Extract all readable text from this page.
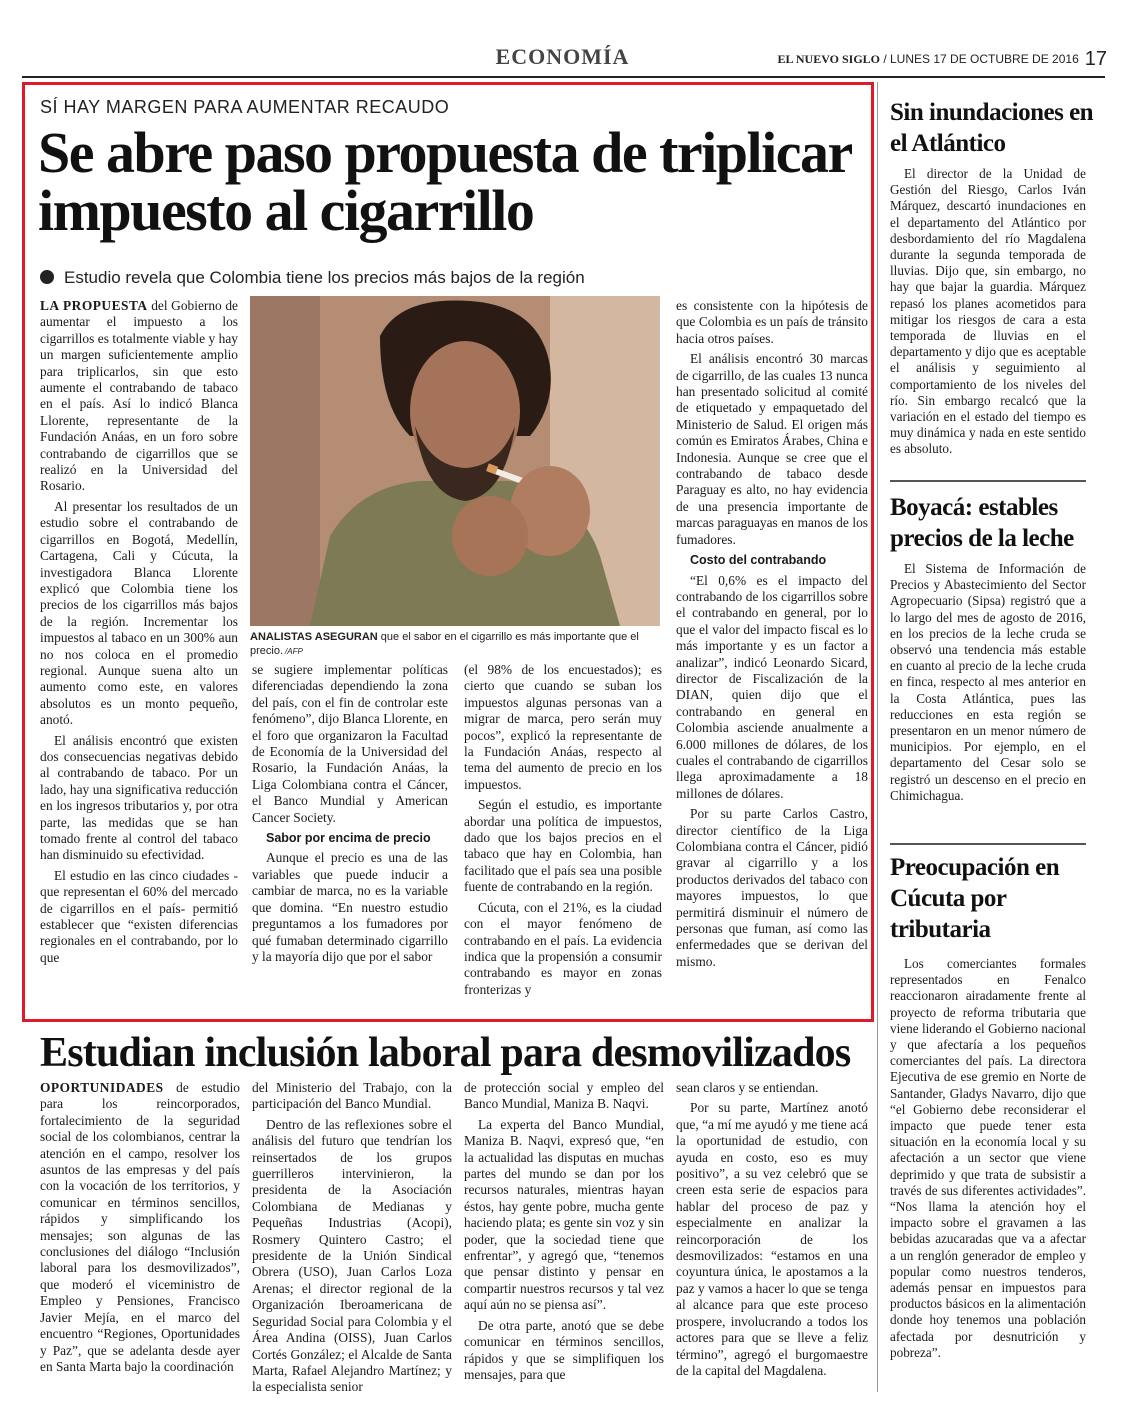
ECONOMÍA	EL NUEVO SIGLO / LUNES 17 DE OCTUBRE DE 2016 17
SÍ HAY MARGEN PARA AUMENTAR RECAUDO
Se abre paso propuesta de triplicar impuesto al cigarrillo
Estudio revela que Colombia tiene los precios más bajos de la región

LA PROPUESTA del Gobierno de aumentar el impuesto a los cigarrillos es totalmente viable y hay un margen suficientemente amplio para triplicarlos, sin que esto aumente el contrabando de tabaco en el país. Así lo indicó Blanca Llorente, representante de la Fundación Anáas, en un foro sobre contrabando de cigarrillos que se realizó en la Universidad del Rosario.

Al presentar los resultados de un estudio sobre el contrabando de cigarrillos en Bogotá, Medellín, Cartagena, Cali y Cúcuta, la investigadora Blanca Llorente explicó que Colombia tiene los precios de los cigarrillos más bajos de la región. Incrementar los impuestos al tabaco en un 300% aun no nos coloca en el promedio regional. Aunque suena alto un aumento como este, en valores absolutos es un monto pequeño, anotó.

El análisis encontró que existen dos consecuencias negativas debido al contrabando de tabaco. Por un lado, hay una significativa reducción en los ingresos tributarios y, por otra parte, las medidas que se han tomado frente al control del tabaco han disminuido su efectividad.

El estudio en las cinco ciudades -que representan el 60% del mercado de cigarrillos en el país- permitió establecer que “existen diferencias regionales en el contrabando, por lo que

ANALISTAS ASEGURAN que el sabor en el cigarrillo es más importante que el precio. /AFP

se sugiere implementar políticas diferenciadas dependiendo la zona del país, con el fin de controlar este fenómeno”, dijo Blanca Llorente, en el foro que organizaron la Facultad de Economía de la Universidad del Rosario, la Fundación Anáas, la Liga Colombiana contra el Cáncer, el Banco Mundial y American Cancer Society.

Sabor por encima de precio

Aunque el precio es una de las variables que puede inducir a cambiar de marca, no es la variable que domina. “En nuestro estudio preguntamos a los fumadores por qué fumaban determinado cigarrillo y la mayoría dijo que por el sabor

(el 98% de los encuestados); es cierto que cuando se suban los impuestos algunas personas van a migrar de marca, pero serán muy pocos”, explicó la representante de la Fundación Anáas, respecto al tema del aumento de precio en los impuestos.

Según el estudio, es importante abordar una política de impuestos, dado que los bajos precios en el tabaco que hay en Colombia, han facilitado que el país sea una posible fuente de contrabando en la región.

Cúcuta, con el 21%, es la ciudad con el mayor fenómeno de contrabando en el país. La evidencia indica que la propensión a consumir contrabando es mayor en zonas fronterizas y

es consistente con la hipótesis de que Colombia es un país de tránsito hacia otros países.

El análisis encontró 30 marcas de cigarrillo, de las cuales 13 nunca han presentado solicitud al comité de etiquetado y empaquetado del Ministerio de Salud. El origen más común es Emiratos Árabes, China e Indonesia. Aunque se cree que el contrabando de tabaco desde Paraguay es alto, no hay evidencia de una presencia importante de marcas paraguayas en manos de los fumadores.

Costo del contrabando

“El 0,6% es el impacto del contrabando de los cigarrillos sobre el contrabando en general, por lo que el valor del impacto fiscal es lo más importante y es un factor a analizar”, indicó Leonardo Sicard, director de Fiscalización de la DIAN, quien dijo que el contrabando en general en Colombia asciende anualmente a 6.000 millones de dólares, de los cuales el contrabando de cigarrillos llega aproximadamente a 18 millones de dólares.

Por su parte Carlos Castro, director científico de la Liga Colombiana contra el Cáncer, pidió gravar al cigarrillo y a los productos derivados del tabaco con mayores impuestos, lo que permitirá disminuir el número de personas que fuman, así como las enfermedades que se derivan del mismo.

Sin inundaciones en el Atlántico

El director de la Unidad de Gestión del Riesgo, Carlos Iván Márquez, descartó inundaciones en el departamento del Atlántico por desbordamiento del río Magdalena durante la segunda temporada de lluvias. Dijo que, sin embargo, no hay que bajar la guardia. Márquez repasó los planes acometidos para mitigar los riesgos de cara a esta temporada de lluvias en el departamento y dijo que es aceptable el análisis y seguimiento al comportamiento de los niveles del río. Sin embargo recalcó que la variación en el estado del tiempo es muy dinámica y nada en este sentido es absoluto.

Boyacá: estables precios de la leche

El Sistema de Información de Precios y Abastecimiento del Sector Agropecuario (Sipsa) registró que a lo largo del mes de agosto de 2016, en los precios de la leche cruda se observó una tendencia más estable en cuanto al precio de la leche cruda en finca, respecto al mes anterior en la Costa Atlántica, pues las reducciones en esta región se presentaron en un menor número de municipios. Por ejemplo, en el departamento del Cesar solo se registró un descenso en el precio en Chimichagua.

Preocupación en Cúcuta por tributaria

Los comerciantes formales representados en Fenalco reaccionaron airadamente frente al proyecto de reforma tributaria que viene liderando el Gobierno nacional y que afectaría a los pequeños comerciantes del país. La directora Ejecutiva de ese gremio en Norte de Santander, Gladys Navarro, dijo que “el Gobierno debe reconsiderar el impacto que puede tener esta situación en la economía local y su afectación a un sector que viene deprimido y que trata de subsistir a través de sus diferentes actividades”. “Nos llama la atención hoy el impacto sobre el gravamen a las bebidas azucaradas que va a afectar a un renglón generador de empleo y popular como nuestros tenderos, además pensar en impuestos para productos básicos en la alimentación donde hoy tenemos una población afectada por desnutrición y pobreza”.

Estudian inclusión laboral para desmovilizados

OPORTUNIDADES de estudio para los reincorporados, fortalecimiento de la seguridad social de los colombianos, centrar la atención en el campo, resolver los asuntos de las empresas y del país con la vocación de los territorios, y comunicar en términos sencillos, rápidos y simplificando los mensajes; son algunas de las conclusiones del diálogo “Inclusión laboral para los desmovilizados”, que moderó el viceministro de Empleo y Pensiones, Francisco Javier Mejía, en el marco del encuentro “Regiones, Oportunidades y Paz”, que se adelanta desde ayer en Santa Marta bajo la coordinación

del Ministerio del Trabajo, con la participación del Banco Mundial.

Dentro de las reflexiones sobre el análisis del futuro que tendrían los reinsertados de los grupos guerrilleros intervinieron, la presidenta de la Asociación Colombiana de Medianas y Pequeñas Industrias (Acopi), Rosmery Quintero Castro; el presidente de la Unión Sindical Obrera (USO), Juan Carlos Loza Arenas; el director regional de la Organización Iberoamericana de Seguridad Social para Colombia y el Área Andina (OISS), Juan Carlos Cortés González; el Alcalde de Santa Marta, Rafael Alejandro Martínez; y la especialista senior

de protección social y empleo del Banco Mundial, Maniza B. Naqvi.

La experta del Banco Mundial, Maniza B. Naqvi, expresó que, “en la actualidad las disputas en muchas partes del mundo se dan por los recursos naturales, mientras hayan éstos, hay gente pobre, mucha gente haciendo plata; es gente sin voz y sin poder, que la sociedad tiene que enfrentar”, y agregó que, “tenemos que pensar distinto y pensar en compartir nuestros recursos y tal vez aquí aún no se piensa así”.

De otra parte, anotó que se debe comunicar en términos sencillos, rápidos y que se simplifiquen los mensajes, para que

sean claros y se entiendan.

Por su parte, Martínez anotó que, “a mí me ayudó y me tiene acá la oportunidad de estudio, con ayuda en costo, eso es muy positivo”, a su vez celebró que se creen esta serie de espacios para hablar del proceso de paz y especialmente en analizar la reincorporación de los desmovilizados: “estamos en una coyuntura única, le apostamos a la paz y vamos a hacer lo que se tenga al alcance para que este proceso prospere, involucrando a todos los actores para que se lleve a feliz término”, agregó el burgomaestre de la capital del Magdalena.
